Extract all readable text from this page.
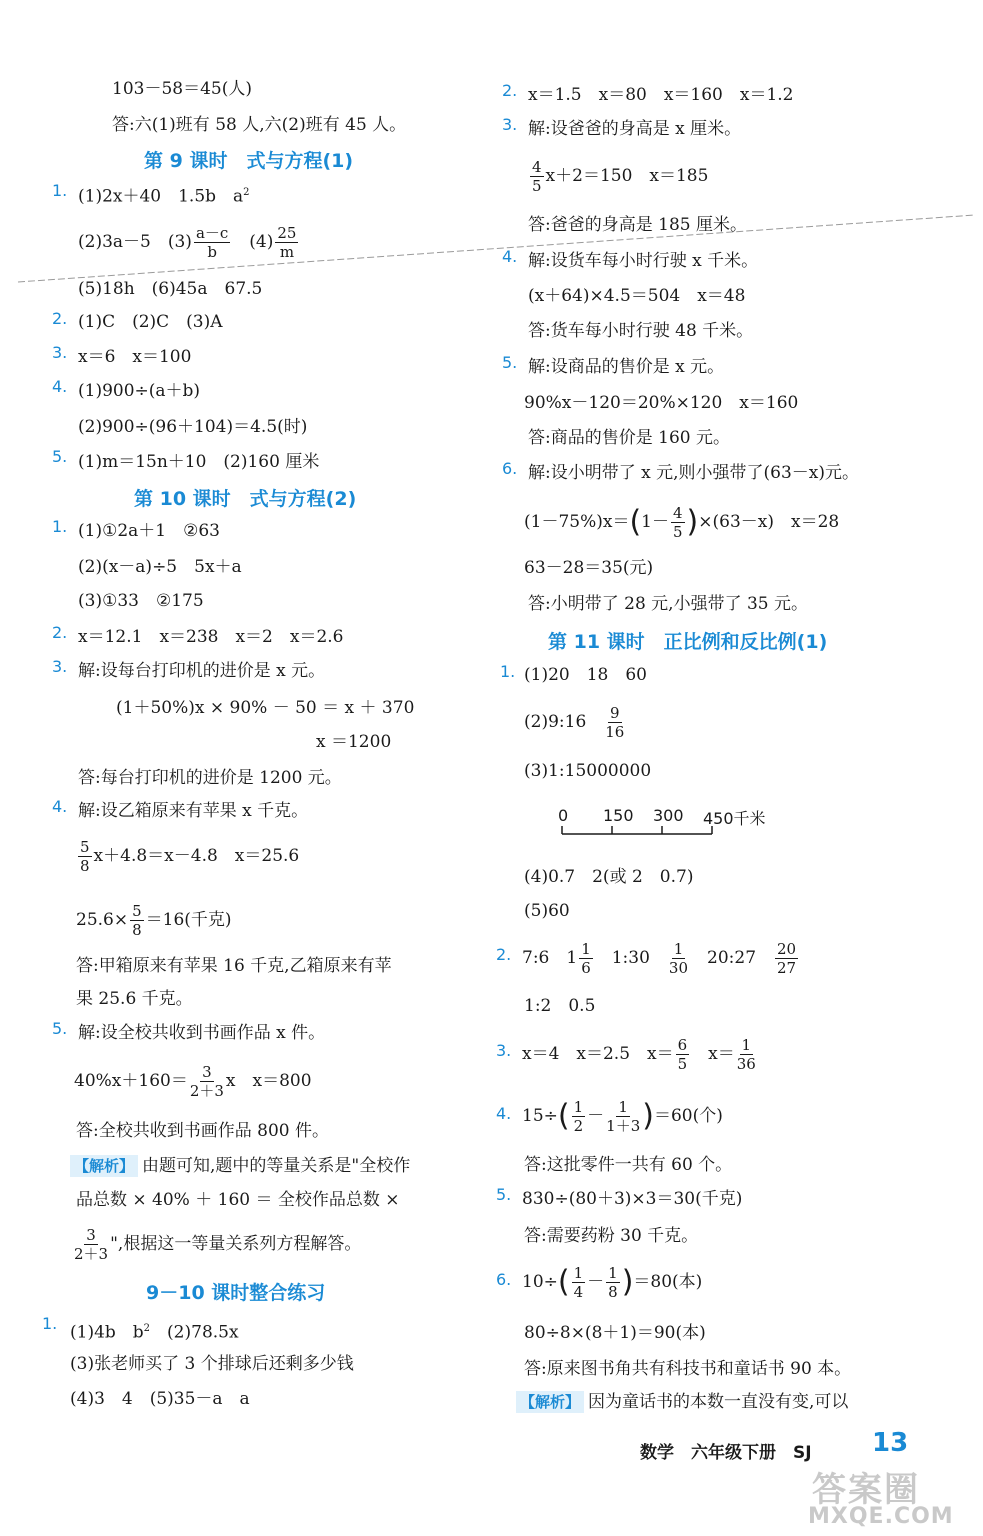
103－58＝45(人)
答:六(1)班有 58 人,六(2)班有 45 人。
第 9 课时　式与方程(1)
1. (1)2x＋40　1.5b　$a^2$
(2)3a－5　$(3) \frac{a-c}{b}$ 　$(4) \frac{25}{m}$
(5)18h　(6)45a　67.5
2. (1)C　(2)C　(3)A
3. x＝6　x＝100
4. (1)900÷(a＋b)
(2)900÷(96＋104)＝4.5(时)
5. (1)m＝15n＋10　(2)160 厘米
第 10 课时　式与方程(2)
1. (1)①2a＋1　②63
(2)(x－a)÷5　5x＋a
(3)①33　②175
2. x＝12.1　x＝238　x＝2　x＝2.6
3. 解:设每台打印机的进价是 x 元。
(1＋50%)x × 90% － 50 ＝ x ＋ 370
x ＝1200
答:每台打印机的进价是 1200 元。
4. 解:设乙箱原来有苹果 x 千克。
$\frac{5}{8} x+4.8=x-4.8$　x＝25.6
$25.6\times \frac{5}{8} =16$(千克)
答:甲箱原来有苹果 16 千克,乙箱原来有苹
果 25.6 千克。
5. 解:设全校共收到书画作品 x 件。
$40\%x+160= \frac{3}{2+3}$ x　x＝800
答:全校共收到书画作品 800 件。
【解析】 由题可知,题中的等量关系是"全校作
品总数 × 40% ＋ 160 ＝ 全校作品总数 ×
$\frac{3}{2+3}$ ",根据这一等量关系列方程解答。
9－10 课时整合练习
1. (1)4b　$b^2$　(2)78.5x
(3)张老师买了 3 个排球后还剩多少钱
(4)3　4　(5)35－a　a
2. x＝1.5　x＝80　x＝160　x＝1.2
3. 解:设爸爸的身高是 x 厘米。
$\frac{4}{5} x+2=150$　x＝185
答:爸爸的身高是 185 厘米。
4. 解:设货车每小时行驶 x 千米。
(x＋64)×4.5＝504　x＝48
答:货车每小时行驶 48 千米。
5. 解:设商品的售价是 x 元。
90%x－120＝20%×120　x＝160
答:商品的售价是 160 元。
6. 解:设小明带了 x 元,则小强带了(63－x)元。
$(1-75\%)x=(1- \frac{4}{5} )\times(63-x)$　x＝28
63－28＝35(元)
答:小明带了 28 元,小强带了 35 元。
第 11 课时　正比例和反比例(1)
1. (1)20　18　60
(2)9:16　 $\frac{9}{16}$
(3)1:15000000
0 150 300 450千米
(4)0.7　2(或 2　0.7)
(5)60
2. 7:6　$1 \frac{1}{6}$ 　1:30　 $\frac{1}{30}$ 　20:27　 $\frac{20}{27}$
1:2　0.5
3. x＝4　x＝2.5　$x= \frac{6}{5}$ 　$x= \frac{1}{36}$
4. $15\div( \frac{1}{2} - \frac{1}{1+3} )=60$(个)
答:这批零件一共有 60 个。
5. 830÷(80＋3)×3＝30(千克)
答:需要药粉 30 千克。
6. $10\div( \frac{1}{4} - \frac{1}{8} )=80$(本)
80÷8×(8＋1)＝90(本)
答:原来图书角共有科技书和童话书 90 本。
【解析】 因为童话书的本数一直没有变,可以
数学　六年级下册　SJ 13
答案圈
MXQE.COM
